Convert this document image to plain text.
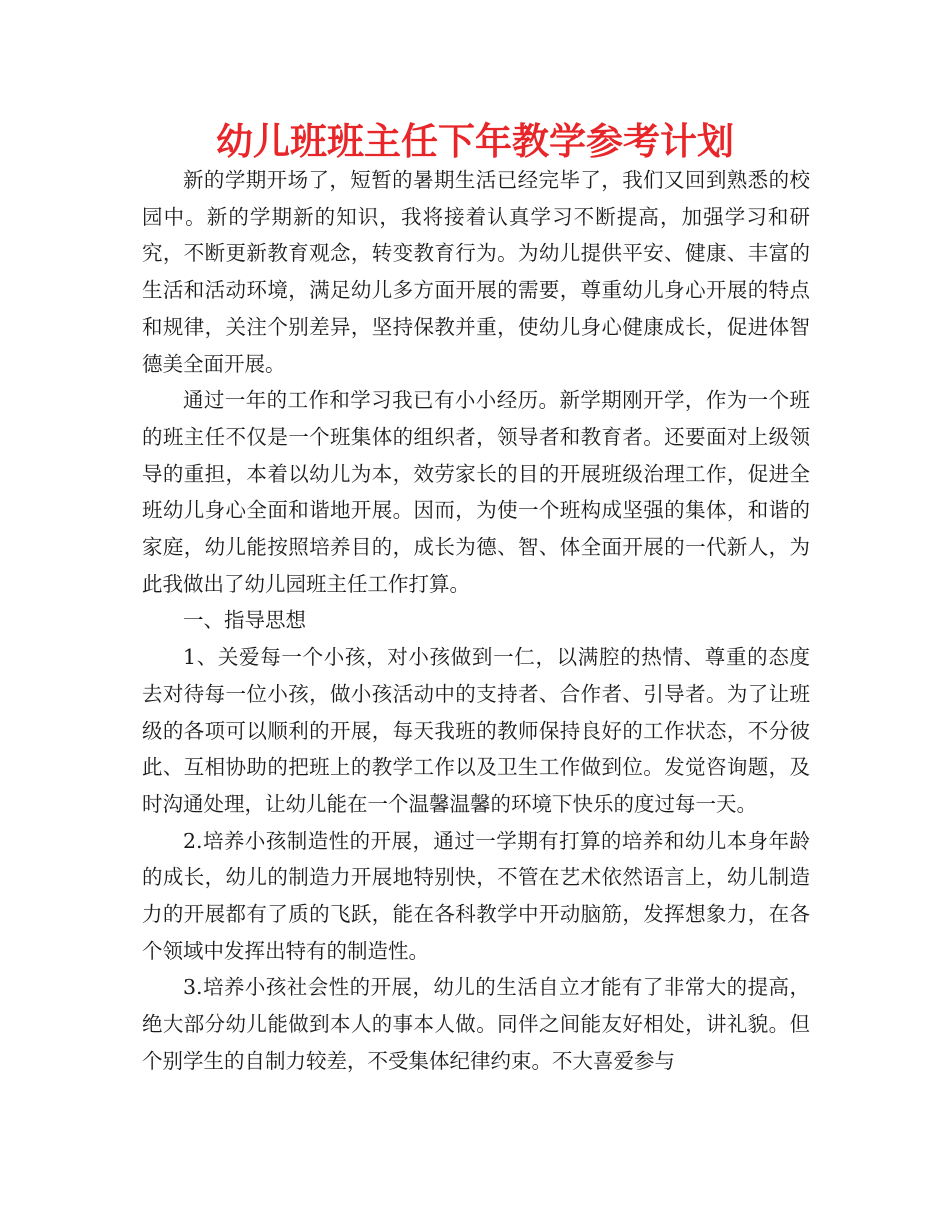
幼儿班班主任下年教学参考计划

新的学期开场了，短暂的暑期生活已经完毕了，我们又回到熟悉的校园中。新的学期新的知识，我将接着认真学习不断提高，加强学习和研究，不断更新教育观念，转变教育行为。为幼儿提供平安、健康、丰富的生活和活动环境，满足幼儿多方面开展的需要，尊重幼儿身心开展的特点和规律，关注个别差异，坚持保教并重，使幼儿身心健康成长，促进体智德美全面开展。

通过一年的工作和学习我已有小小经历。新学期刚开学，作为一个班的班主任不仅是一个班集体的组织者，领导者和教育者。还要面对上级领导的重担，本着以幼儿为本，效劳家长的目的开展班级治理工作，促进全班幼儿身心全面和谐地开展。因而，为使一个班构成坚强的集体，和谐的家庭，幼儿能按照培养目的，成长为德、智、体全面开展的一代新人，为此我做出了幼儿园班主任工作打算。

一、指导思想

1、关爱每一个小孩，对小孩做到一仁，以满腔的热情、尊重的态度去对待每一位小孩，做小孩活动中的支持者、合作者、引导者。为了让班级的各项可以顺利的开展，每天我班的教师保持良好的工作状态，不分彼此、互相协助的把班上的教学工作以及卫生工作做到位。发觉咨询题，及时沟通处理，让幼儿能在一个温馨温馨的环境下快乐的度过每一天。

2.培养小孩制造性的开展，通过一学期有打算的培养和幼儿本身年龄的成长，幼儿的制造力开展地特别快，不管在艺术依然语言上，幼儿制造力的开展都有了质的飞跃，能在各科教学中开动脑筋，发挥想象力，在各个领域中发挥出特有的制造性。

3.培养小孩社会性的开展，幼儿的生活自立才能有了非常大的提高，绝大部分幼儿能做到本人的事本人做。同伴之间能友好相处，讲礼貌。但个别学生的自制力较差，不受集体纪律约束。不大喜爱参与
